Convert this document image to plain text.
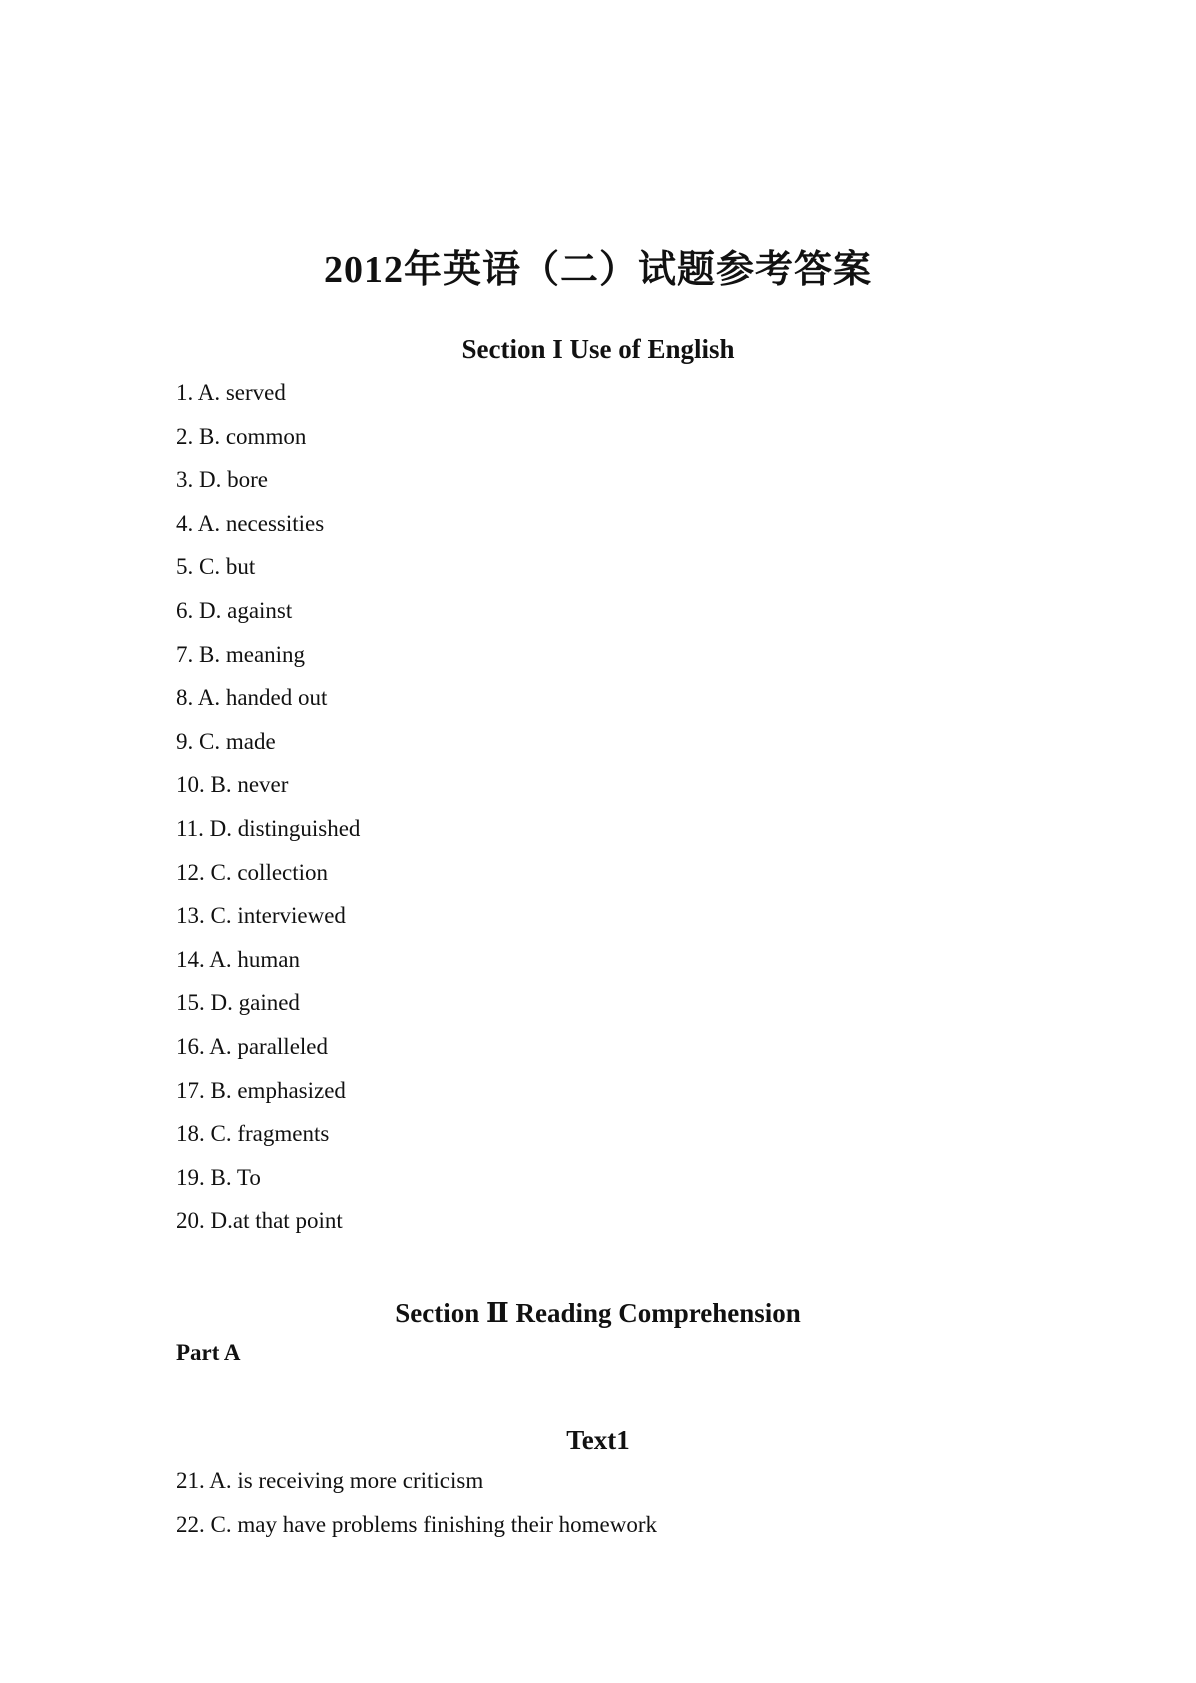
2012年英语（二）试题参考答案
Section I Use of English
1. A. served
2. B. common
3. D. bore
4. A. necessities
5. C. but
6. D. against
7. B. meaning
8. A. handed out
9. C. made
10. B. never
11. D. distinguished
12. C. collection
13. C. interviewed
14. A. human
15. D. gained
16. A. paralleled
17. B. emphasized
18. C. fragments
19. B. To
20. D.at that point
Section Ⅱ Reading Comprehension
Part A
Text1
21. A. is receiving more criticism
22. C. may have problems finishing their homework
